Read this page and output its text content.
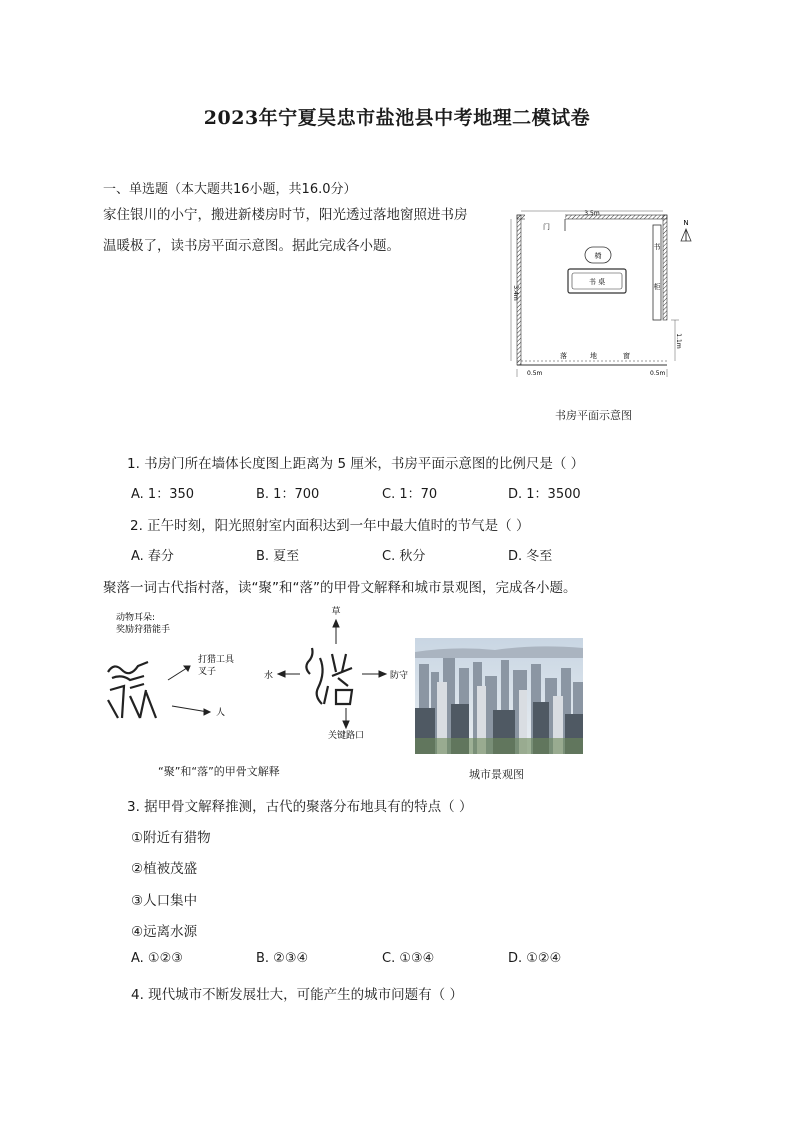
2023年宁夏吴忠市盐池县中考地理二模试卷
一、单选题（本大题共16小题，共16.0分）
家住银川的小宁，搬进新楼房时节，阳光透过落地窗照进书房
温暖极了，读书房平面示意图。据此完成各小题。
3.5m
3.4m
1.1m
0.5m	0.5m
门
椅
书 桌
书
柜
落	地	窗
N
书房平面示意图
1. 书房门所在墙体长度图上距离为 5 厘米，书房平面示意图的比例尺是（ ）
A. 1：350	B. 1：700	C. 1：70	D. 1：3500
2. 正午时刻，阳光照射室内面积达到一年中最大值时的节气是（ ）
A. 春分	B. 夏至	C. 秋分	D. 冬至
聚落一词古代指村落，读“聚”和“落”的甲骨文解释和城市景观图，完成各小题。
动物耳朵:
奖励狩猎能手
打猎工具
叉子
人
草
水	防守
关键路口
“聚”和“落”的甲骨文解释	城市景观图
3. 据甲骨文解释推测，古代的聚落分布地具有的特点（ ）
①附近有猎物
②植被茂盛
③人口集中
④远离水源
A. ①②③	B. ②③④	C. ①③④	D. ①②④
4. 现代城市不断发展壮大，可能产生的城市问题有（ ）
